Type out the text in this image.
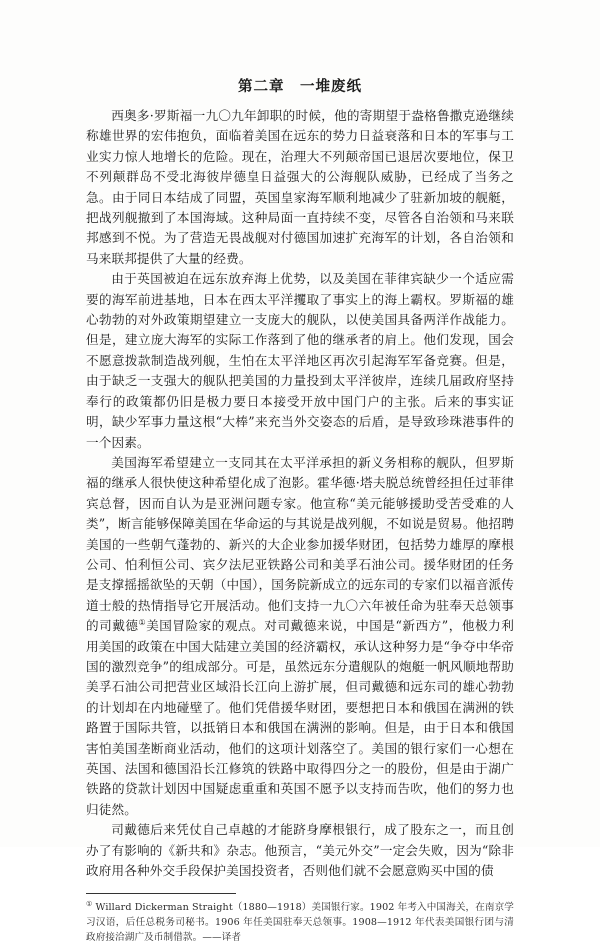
第二章　一堆废纸

西奥多·罗斯福一九〇九年卸职的时候，他的寄期望于盎格鲁撒克逊继续称雄世界的宏伟抱负，面临着美国在远东的势力日益衰落和日本的军事与工业实力惊人地增长的危险。现在，治理大不列颠帝国已退居次要地位，保卫不列颠群岛不受北海彼岸德皇日益强大的公海舰队威胁，已经成了当务之急。由于同日本结成了同盟，英国皇家海军顺利地减少了驻新加坡的舰艇，把战列舰撤到了本国海域。这种局面一直持续不变，尽管各自治领和马来联邦感到不悦。为了营造无畏战舰对付德国加速扩充海军的计划，各自治领和马来联邦提供了大量的经费。

由于英国被迫在远东放弃海上优势，以及美国在菲律宾缺少一个适应需要的海军前进基地，日本在西太平洋攫取了事实上的海上霸权。罗斯福的雄心勃勃的对外政策期望建立一支庞大的舰队，以使美国具备两洋作战能力。但是，建立庞大海军的实际工作落到了他的继承者的肩上。他们发现，国会不愿意拨款制造战列舰，生怕在太平洋地区再次引起海军军备竞赛。但是，由于缺乏一支强大的舰队把美国的力量投到太平洋彼岸，连续几届政府坚持奉行的政策都仍旧是极力要日本接受开放中国门户的主张。后来的事实证明，缺少军事力量这根“大棒”来充当外交姿态的后盾，是导致珍珠港事件的一个因素。

美国海军希望建立一支同其在太平洋承担的新义务相称的舰队，但罗斯福的继承人很快使这种希望化成了泡影。霍华德·塔夫脱总统曾经担任过菲律宾总督，因而自认为是亚洲问题专家。他宣称“美元能够援助受苦受难的人类”，断言能够保障美国在华命运的与其说是战列舰，不如说是贸易。他招聘美国的一些朝气蓬勃的、新兴的大企业参加援华财团，包括势力雄厚的摩根公司、怕利恒公司、宾夕法尼亚铁路公司和美孚石油公司。援华财团的任务是支撑摇摇欲坠的天朝（中国），国务院新成立的远东司的专家们以福音派传道士般的热情指导它开展活动。他们支持一九〇六年被任命为驻奉天总领事的司戴德①美国冒险家的观点。对司戴德来说，中国是“新西方”，他极力利用美国的政策在中国大陆建立美国的经济霸权，承认这种努力是“争夺中华帝国的激烈竞争”的组成部分。可是，虽然远东分遣舰队的炮艇一帆风顺地帮助美孚石油公司把营业区域沿长江向上游扩展，但司戴德和远东司的雄心勃勃的计划却在内地碰壁了。他们凭借援华财团，要想把日本和俄国在满洲的铁路置于国际共管，以抵销日本和俄国在满洲的影响。但是，由于日本和俄国害怕美国垄断商业活动，他们的这项计划落空了。美国的银行家们一心想在英国、法国和德国沿长江修筑的铁路中取得四分之一的股份，但是由于湖广铁路的贷款计划因中国疑虑重重和英国不愿予以支持而告吹，他们的努力也归徒然。

司戴德后来凭仗自己卓越的才能跻身摩根银行，成了股东之一，而且创办了有影响的《新共和》杂志。他预言，“美元外交”一定会失败，因为“除非政府用各种外交手段保护美国投资者，否则他们就不会愿意购买中国的债

① Willard Dickerman Straight（1880—1918）美国银行家。1902 年考入中国海关，在南京学习汉语，后任总税务司秘书。1906 年任美国驻奉天总领事。1908—1912 年代表美国银行团与清政府接洽湖广及币制借款。——译者
